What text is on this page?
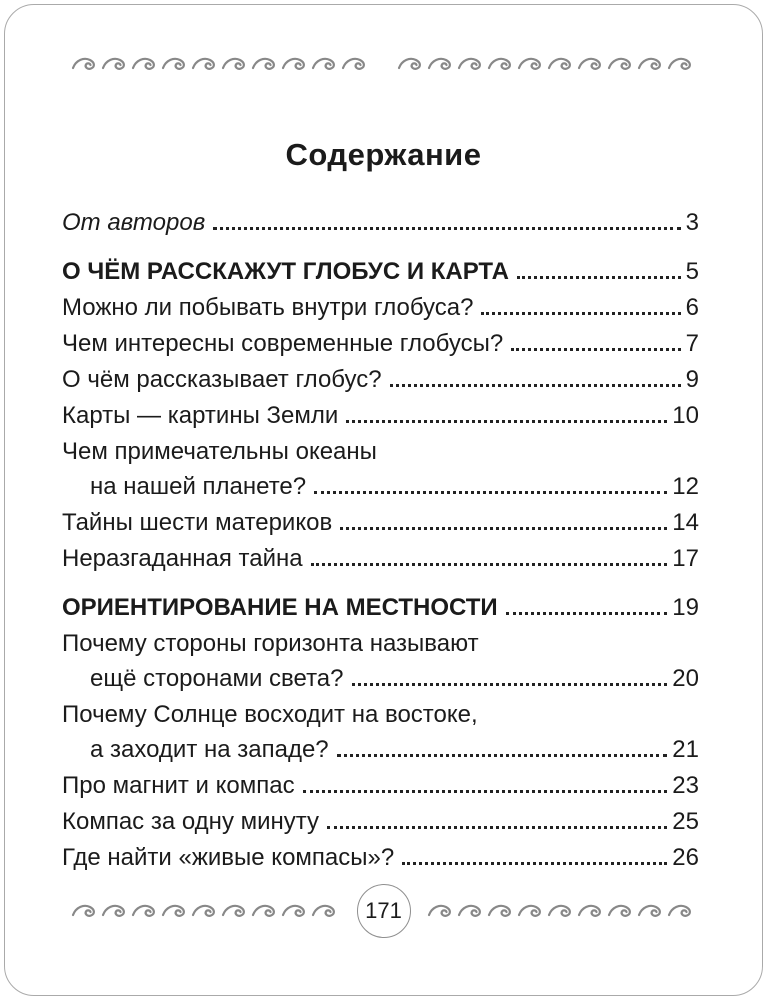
Содержание
От авторов	3
О ЧЁМ РАССКАЖУТ ГЛОБУС И КАРТА	5
Можно ли побывать внутри глобуса?	6
Чем интересны современные глобусы?	7
О чём рассказывает глобус?	9
Карты — картины Земли	10
Чем примечательны океаны
на нашей планете?	12
Тайны шести материков	14
Неразгаданная тайна	17
ОРИЕНТИРОВАНИЕ НА МЕСТНОСТИ	19
Почему стороны горизонта называют
ещё сторонами света?	20
Почему Солнце восходит на востоке,
а заходит на западе?	21
Про магнит и компас	23
Компас за одну минуту	25
Где найти «живые компасы»?	26
171
